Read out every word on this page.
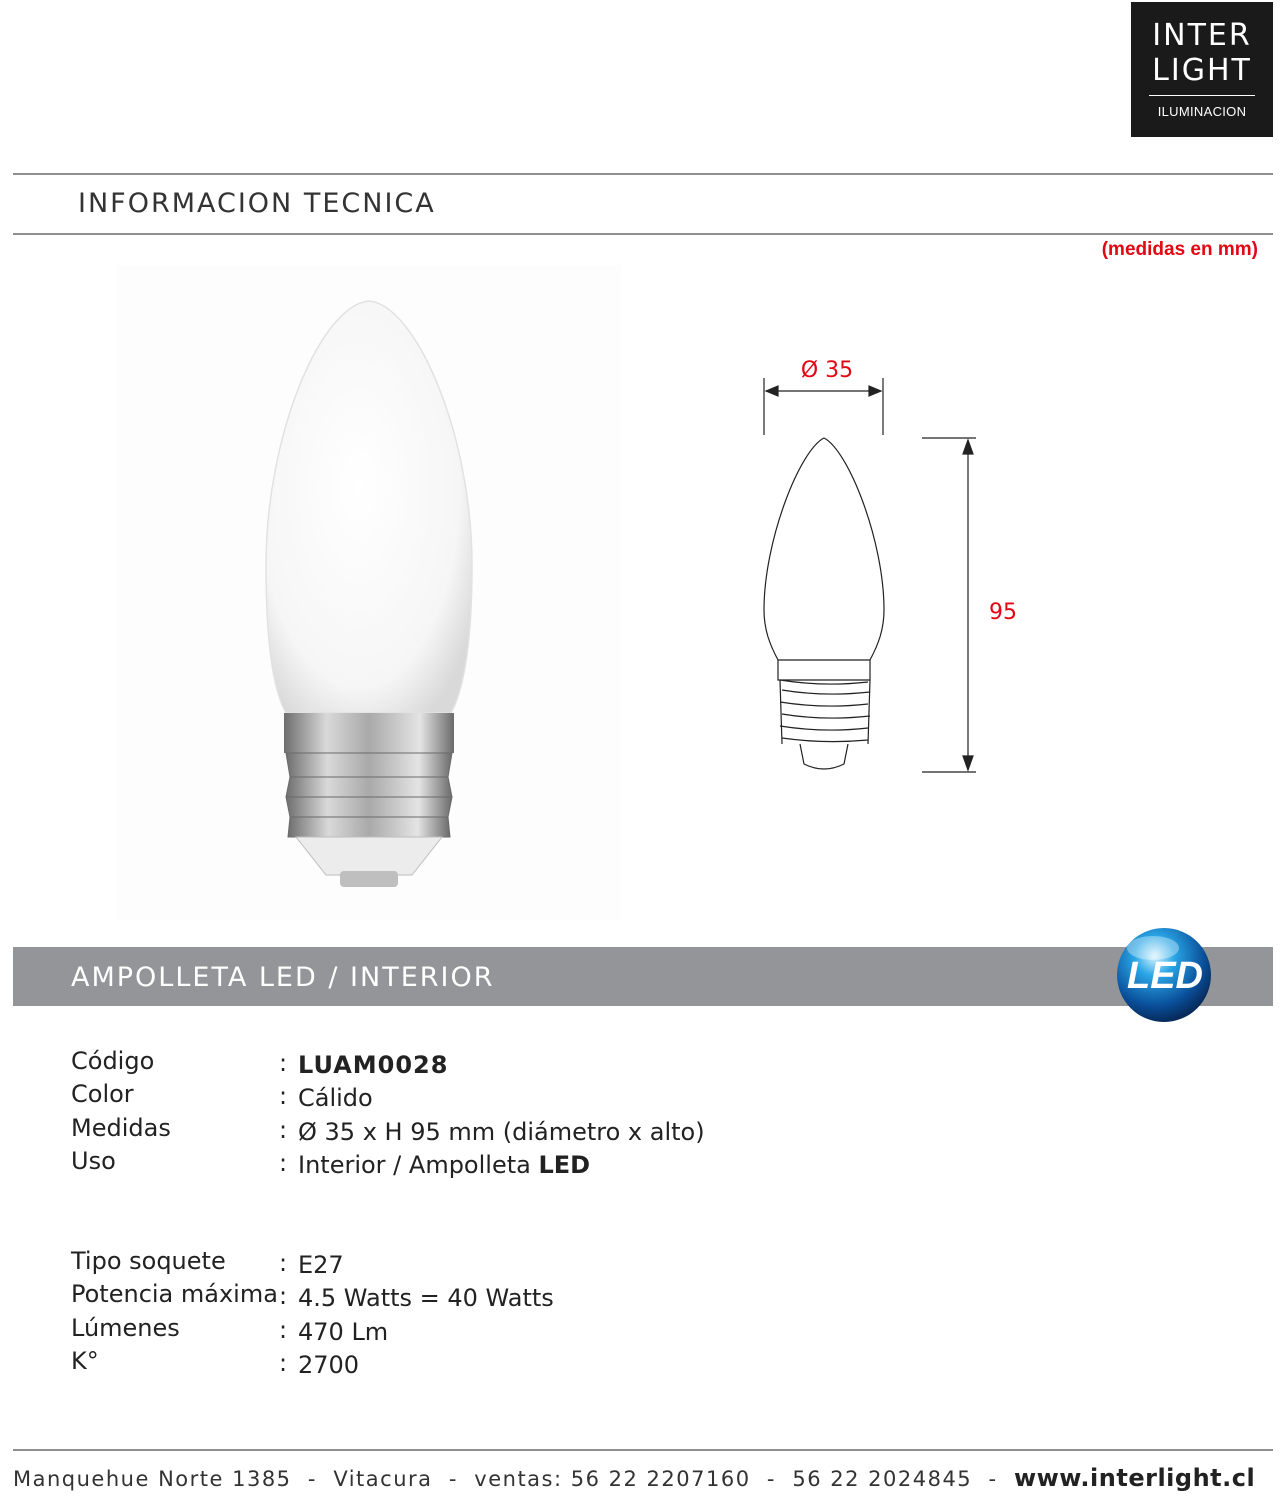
INTER
LIGHT
ILUMINACION
INFORMACION TECNICA
(medidas en mm)
Ø 35
95
AMPOLLETA LED / INTERIOR	LED
Código	: LUAM0028
Color	: Cálido
Medidas	: Ø 35 x H 95 mm (diámetro x alto)
Uso	: Interior / Ampolleta LED
Tipo soquete : E27
Potencia máxima : 4.5 Watts = 40 Watts
Lúmenes	: 470 Lm
K°	: 2700
Manquehue Norte 1385  -  Vitacura  -  ventas: 56 22 2207160  -  56 22 2024845  -  www.interlight.cl
